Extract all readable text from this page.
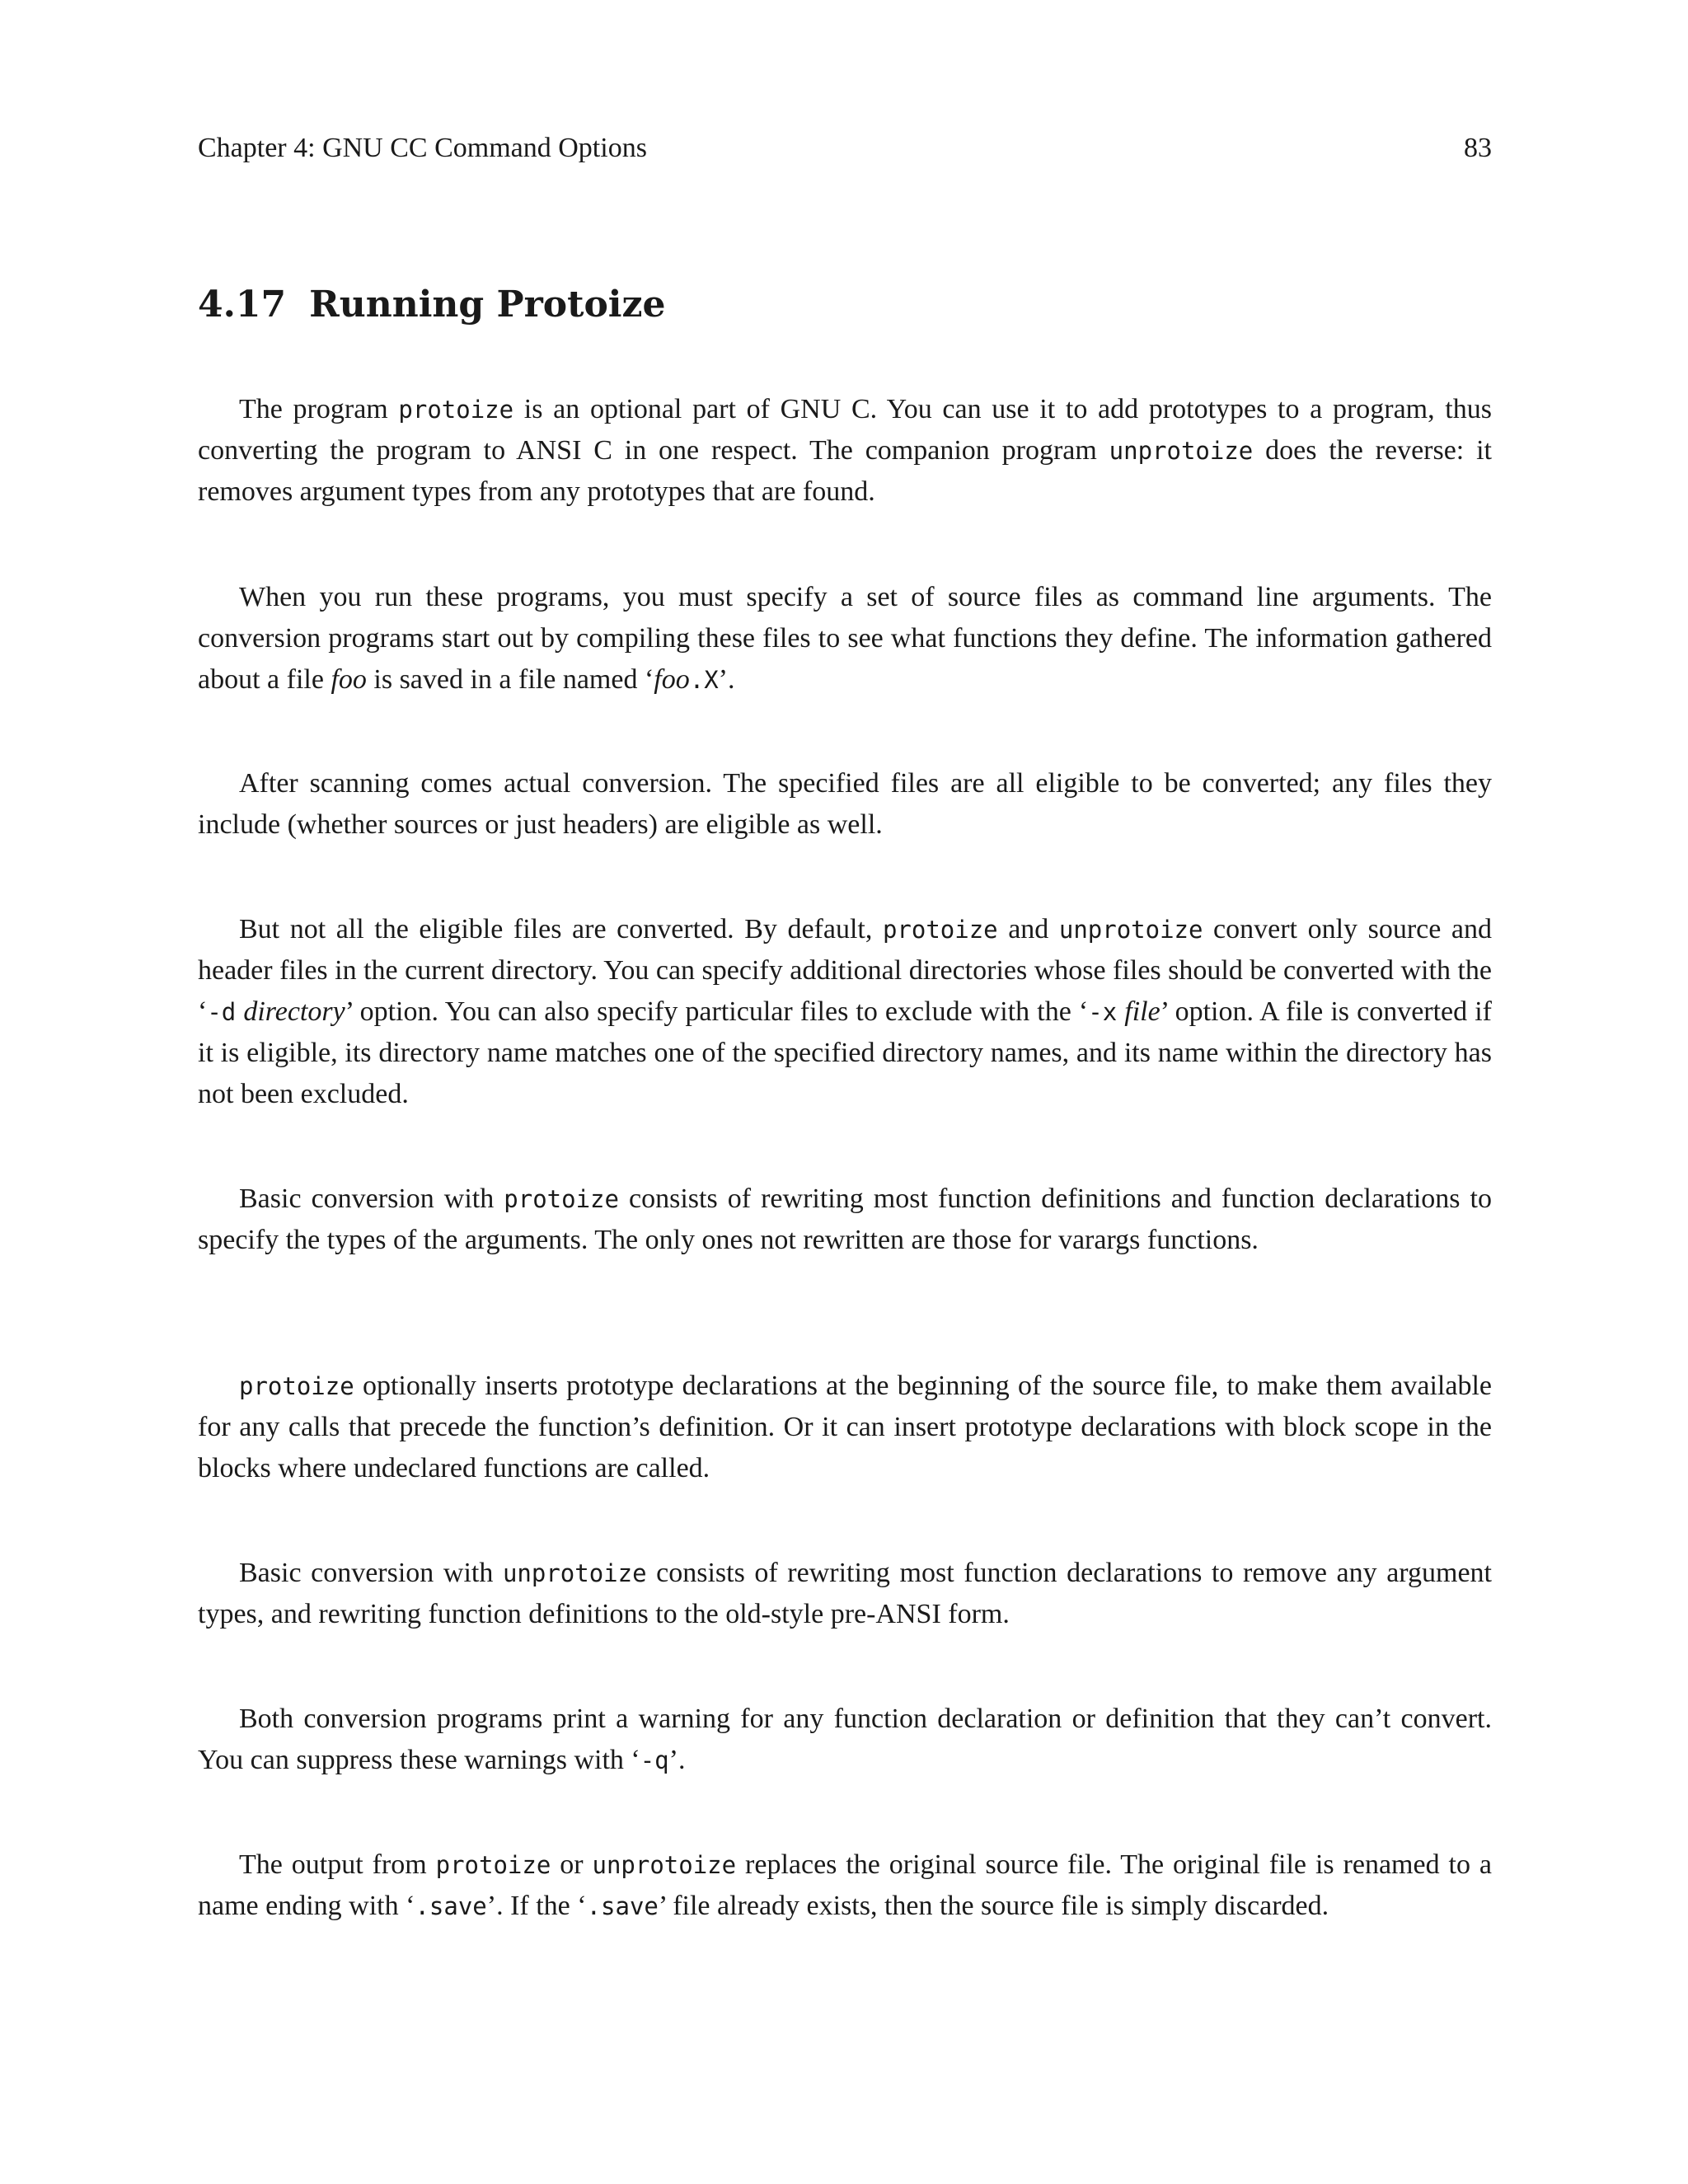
Chapter 4: GNU CC Command Options	83
4.17 Running Protoize

The program protoize is an optional part of GNU C. You can use it to add prototypes to a program, thus converting the program to ANSI C in one respect. The companion program unprotoize does the reverse: it removes argument types from any prototypes that are found.

When you run these programs, you must specify a set of source files as command line arguments. The conversion programs start out by compiling these files to see what functions they define. The information gathered about a file foo is saved in a file named ‘foo.X’.

After scanning comes actual conversion. The specified files are all eligible to be converted; any files they include (whether sources or just headers) are eligible as well.

But not all the eligible files are converted. By default, protoize and unprotoize convert only source and header files in the current directory. You can specify additional directories whose files should be converted with the ‘-d directory’ option. You can also specify particular files to exclude with the ‘-x file’ option. A file is converted if it is eligible, its directory name matches one of the specified directory names, and its name within the directory has not been excluded.

Basic conversion with protoize consists of rewriting most function definitions and function declarations to specify the types of the arguments. The only ones not rewritten are those for varargs functions.

protoize optionally inserts prototype declarations at the beginning of the source file, to make them available for any calls that precede the function’s definition. Or it can insert prototype declarations with block scope in the blocks where undeclared functions are called.

Basic conversion with unprotoize consists of rewriting most function declarations to remove any argument types, and rewriting function definitions to the old-style pre-ANSI form.

Both conversion programs print a warning for any function declaration or definition that they can’t convert. You can suppress these warnings with ‘-q’.

The output from protoize or unprotoize replaces the original source file. The original file is renamed to a name ending with ‘.save’. If the ‘.save’ file already exists, then the source file is simply discarded.
